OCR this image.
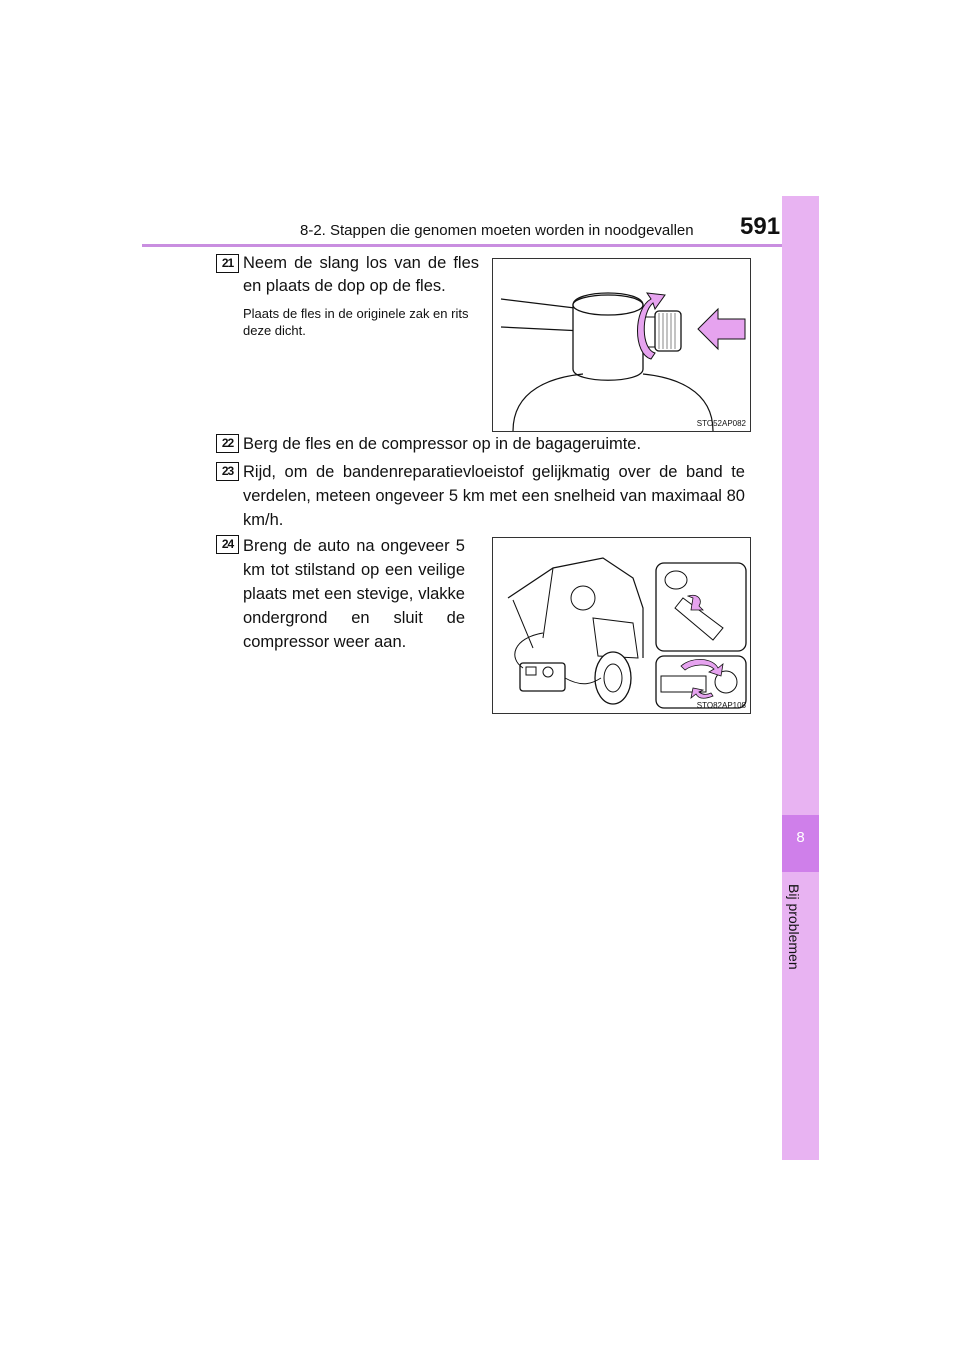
8-2. Stappen die genomen moeten worden in noodgevallen 591
8
Bij problemen
21 Neem de slang los van de fles en plaats de dop op de fles.
Plaats de fles in de originele zak en rits deze dicht.
STO52AP082
22 Berg de fles en de compressor op in de bagageruimte.
23 Rijd, om de bandenreparatievloeistof gelijkmatig over de band te verdelen, meteen ongeveer 5 km met een snelheid van maximaal 80 km/h.
24 Breng de auto na ongeveer 5 km tot stilstand op een veilige plaats met een stevige, vlakke ondergrond en sluit de compressor weer aan.
STO82AP108
